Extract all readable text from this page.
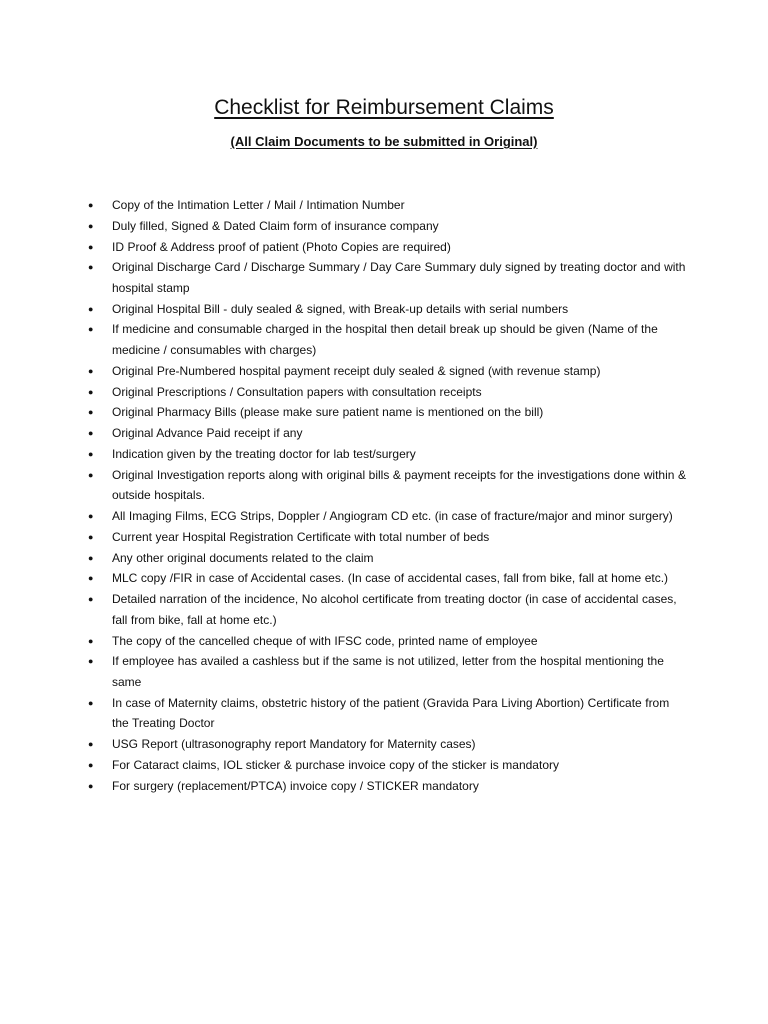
Checklist for Reimbursement Claims
(All Claim Documents to be submitted in Original)
●	Copy of the Intimation Letter / Mail / Intimation Number
●	Duly filled, Signed & Dated Claim form of insurance company
●	ID Proof & Address proof of patient (Photo Copies are required)
●	Original Discharge Card / Discharge Summary / Day Care Summary duly signed by treating doctor and with hospital stamp
●	Original Hospital Bill - duly sealed & signed, with Break-up details with serial numbers
●	If medicine and consumable charged in the hospital then detail break up should be given (Name of the medicine / consumables with charges)
●	Original Pre-Numbered hospital payment receipt duly sealed & signed (with revenue stamp)
●	Original Prescriptions / Consultation papers with consultation receipts
●	Original Pharmacy Bills (please make sure patient name is mentioned on the bill)
●	Original Advance Paid receipt if any
●	Indication given by the treating doctor for lab test/surgery
●	Original Investigation reports along with original bills & payment receipts for the investigations done within & outside hospitals.
●	All Imaging Films, ECG Strips, Doppler / Angiogram CD etc. (in case of fracture/major and minor surgery)
●	Current year Hospital Registration Certificate with total number of beds
●	Any other original documents related to the claim
●	MLC copy /FIR in case of Accidental cases. (In case of accidental cases, fall from bike, fall at home etc.)
●	Detailed narration of the incidence, No alcohol certificate from treating doctor (in case of accidental cases, fall from bike, fall at home etc.)
●	The copy of the cancelled cheque of with IFSC code, printed name of employee
●	If employee has availed a cashless but if the same is not utilized, letter from the hospital mentioning the same
●	In case of Maternity claims, obstetric history of the patient (Gravida Para Living Abortion) Certificate from the Treating Doctor
●	USG Report (ultrasonography report Mandatory for Maternity cases)
●	For Cataract claims, IOL sticker & purchase invoice copy of the sticker is mandatory
●	For surgery (replacement/PTCA) invoice copy / STICKER mandatory
